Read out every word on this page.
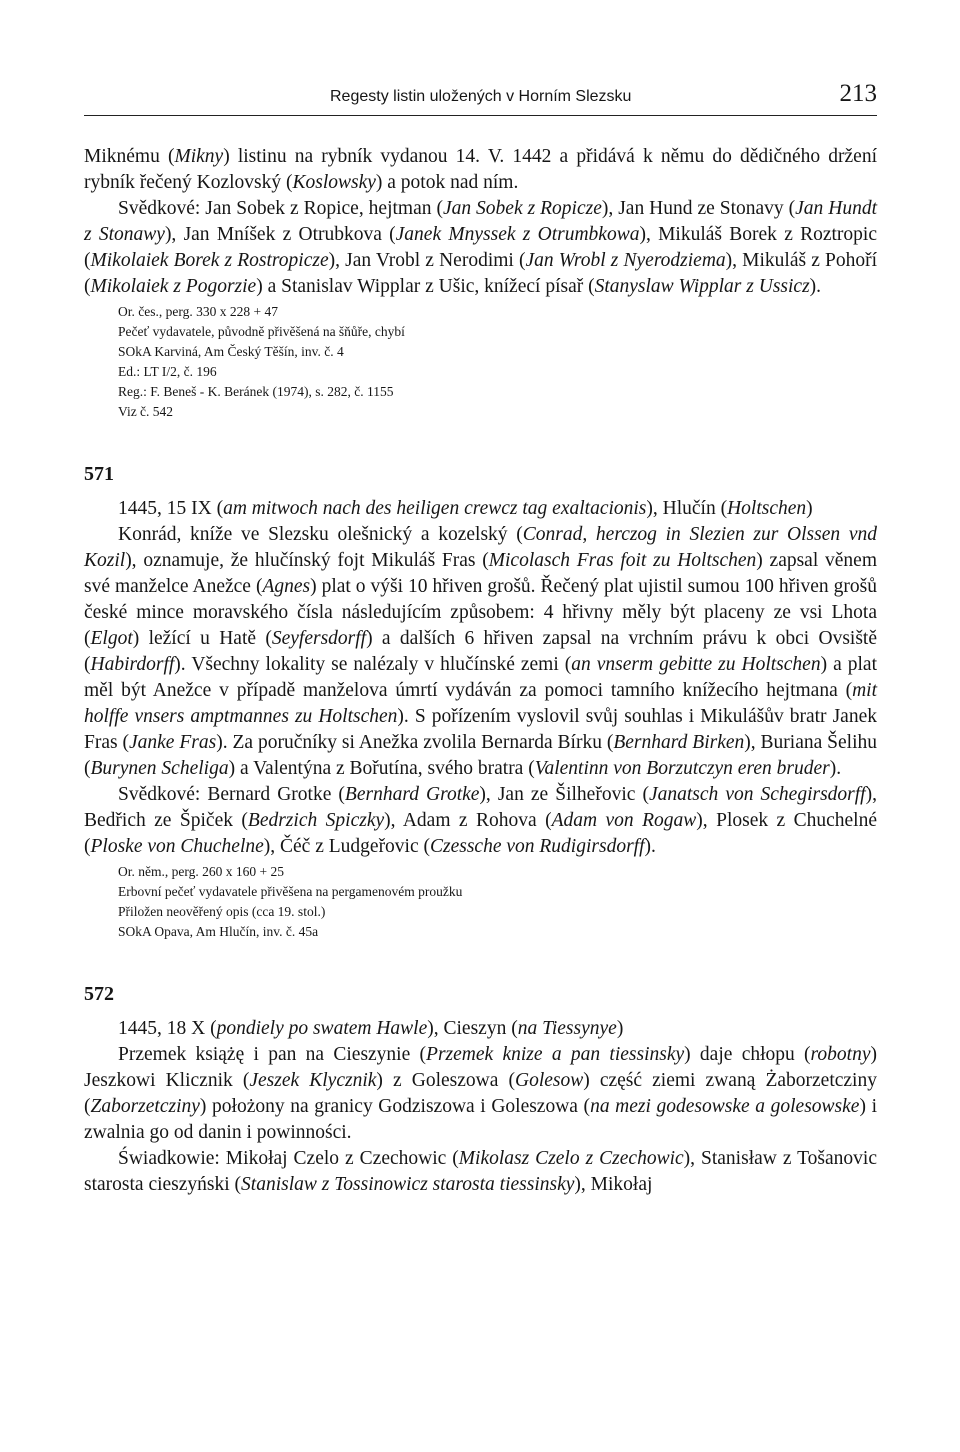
Regesty listin uložených v Horním Slezsku	213

Miknému (Mikny) listinu na rybník vydanou 14. V. 1442 a přidává k němu do dědičného držení rybník řečený Kozlovský (Koslowsky) a potok nad ním.

Svědkové: Jan Sobek z Ropice, hejtman (Jan Sobek z Ropicze), Jan Hund ze Stonavy (Jan Hundt z Stonawy), Jan Mníšek z Otrubkova (Janek Mnyssek z Otrumbkowa), Mikuláš Borek z Roztropic (Mikolaiek Borek z Rostropicze), Jan Vrobl z Nerodimi (Jan Wrobl z Nyerodziema), Mikuláš z Pohoří (Mikolaiek z Pogorzie) a Stanislav Wipplar z Ušic, knížecí písař (Stanyslaw Wipplar z Ussicz).

Or. čes., perg. 330 x 228 + 47

Pečeť vydavatele, původně přivěšená na šňůře, chybí

SOkA Karviná, Am Český Těšín, inv. č. 4

Ed.: LT I/2, č. 196

Reg.: F. Beneš - K. Beránek (1974), s. 282, č. 1155

Viz č. 542

571

1445, 15 IX (am mitwoch nach des heiligen crewcz tag exaltacionis), Hlučín (Holtschen)

Konrád, kníže ve Slezsku olešnický a kozelský (Conrad, herczog in Slezien zur Olssen vnd Kozil), oznamuje, že hlučínský fojt Mikuláš Fras (Micolasch Fras foit zu Holtschen) zapsal věnem své manželce Anežce (Agnes) plat o výši 10 hřiven grošů. Řečený plat ujistil sumou 100 hřiven grošů české mince moravského čísla následujícím způsobem: 4 hřivny měly být placeny ze vsi Lhota (Elgot) ležící u Hatě (Seyfersdorff) a dalších 6 hřiven zapsal na vrchním právu k obci Ovsiště (Habirdorff). Všechny lokality se nalézaly v hlučínské zemi (an vnserm gebitte zu Holtschen) a plat měl být Anežce v případě manželova úmrtí vydáván za pomoci tamního knížecího hejtmana (mit holffe vnsers amptmannes zu Holtschen). S pořízením vyslovil svůj souhlas i Mikulášův bratr Janek Fras (Janke Fras). Za poručníky si Anežka zvolila Bernarda Bírku (Bernhard Birken), Buriana Šelihu (Burynen Scheliga) a Valentýna z Bořutína, svého bratra (Valentinn von Borzutczyn eren bruder).

Svědkové: Bernard Grotke (Bernhard Grotke), Jan ze Šilheřovic (Janatsch von Schegirsdorff), Bedřich ze Špiček (Bedrzich Spiczky), Adam z Rohova (Adam von Rogaw), Plosek z Chuchelné (Ploske von Chuchelne), Čéč z Ludgeřovic (Czessche von Rudigirsdorff).

Or. něm., perg. 260 x 160 + 25

Erbovní pečeť vydavatele přivěšena na pergamenovém proužku

Přiložen neověřený opis (cca 19. stol.)

SOkA Opava, Am Hlučín, inv. č. 45a

572

1445, 18 X (pondiely po swatem Hawle), Cieszyn (na Tiessynye)

Przemek książę i pan na Cieszynie (Przemek knize a pan tiessinsky) daje chłopu (robotny) Jeszkowi Klicznik (Jeszek Klycznik) z Goleszowa (Golesow) część ziemi zwaną Żaborzetcziny (Zaborzetcziny) położony na granicy Godziszowa i Goleszowa (na mezi godesowske a golesowske) i zwalnia go od danin i powinności.

Świadkowie: Mikołaj Czelo z Czechowic (Mikolasz Czelo z Czechowic), Stanisław z Tošanovic starosta cieszyński (Stanislaw z Tossinowicz starosta tiessinsky), Mikołaj
